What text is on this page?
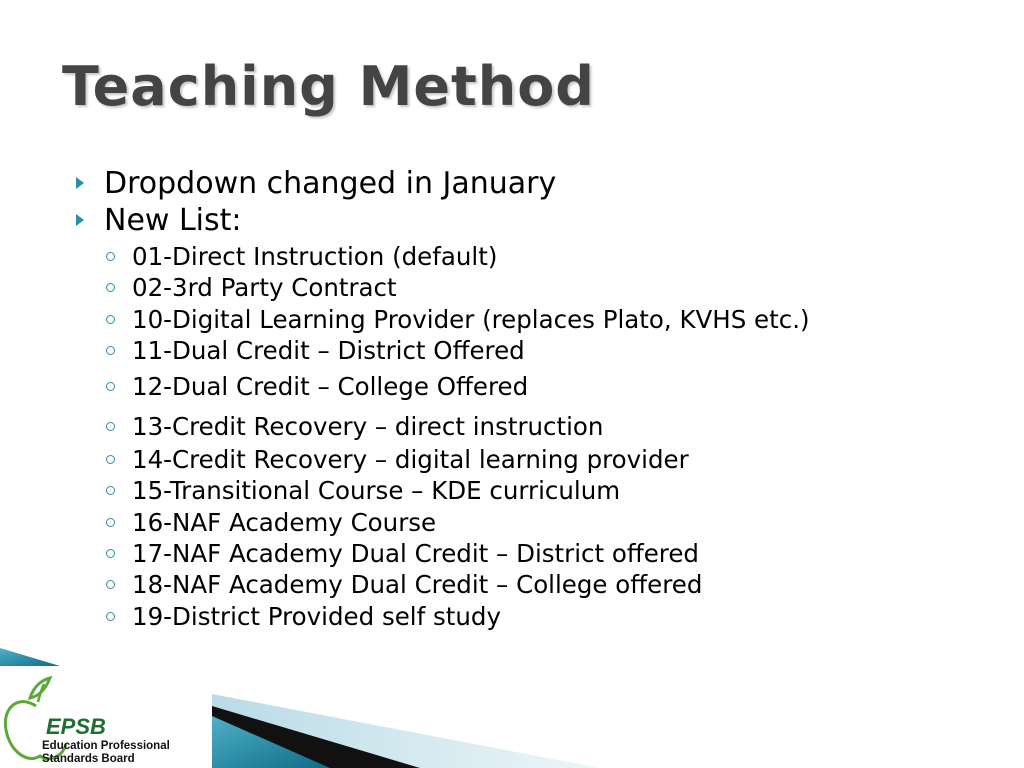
Teaching Method
Dropdown changed in January
New List:
01-Direct Instruction (default)
02-3rd Party Contract
10-Digital Learning Provider (replaces Plato, KVHS etc.)
11-Dual Credit – District Offered
12-Dual Credit – College Offered
13-Credit Recovery – direct instruction
14-Credit Recovery – digital learning provider
15-Transitional Course – KDE curriculum
16-NAF Academy Course
17-NAF Academy Dual Credit – District offered
18-NAF Academy Dual Credit – College offered
19-District Provided self study
EPSB
Education Professional
Standards Board
